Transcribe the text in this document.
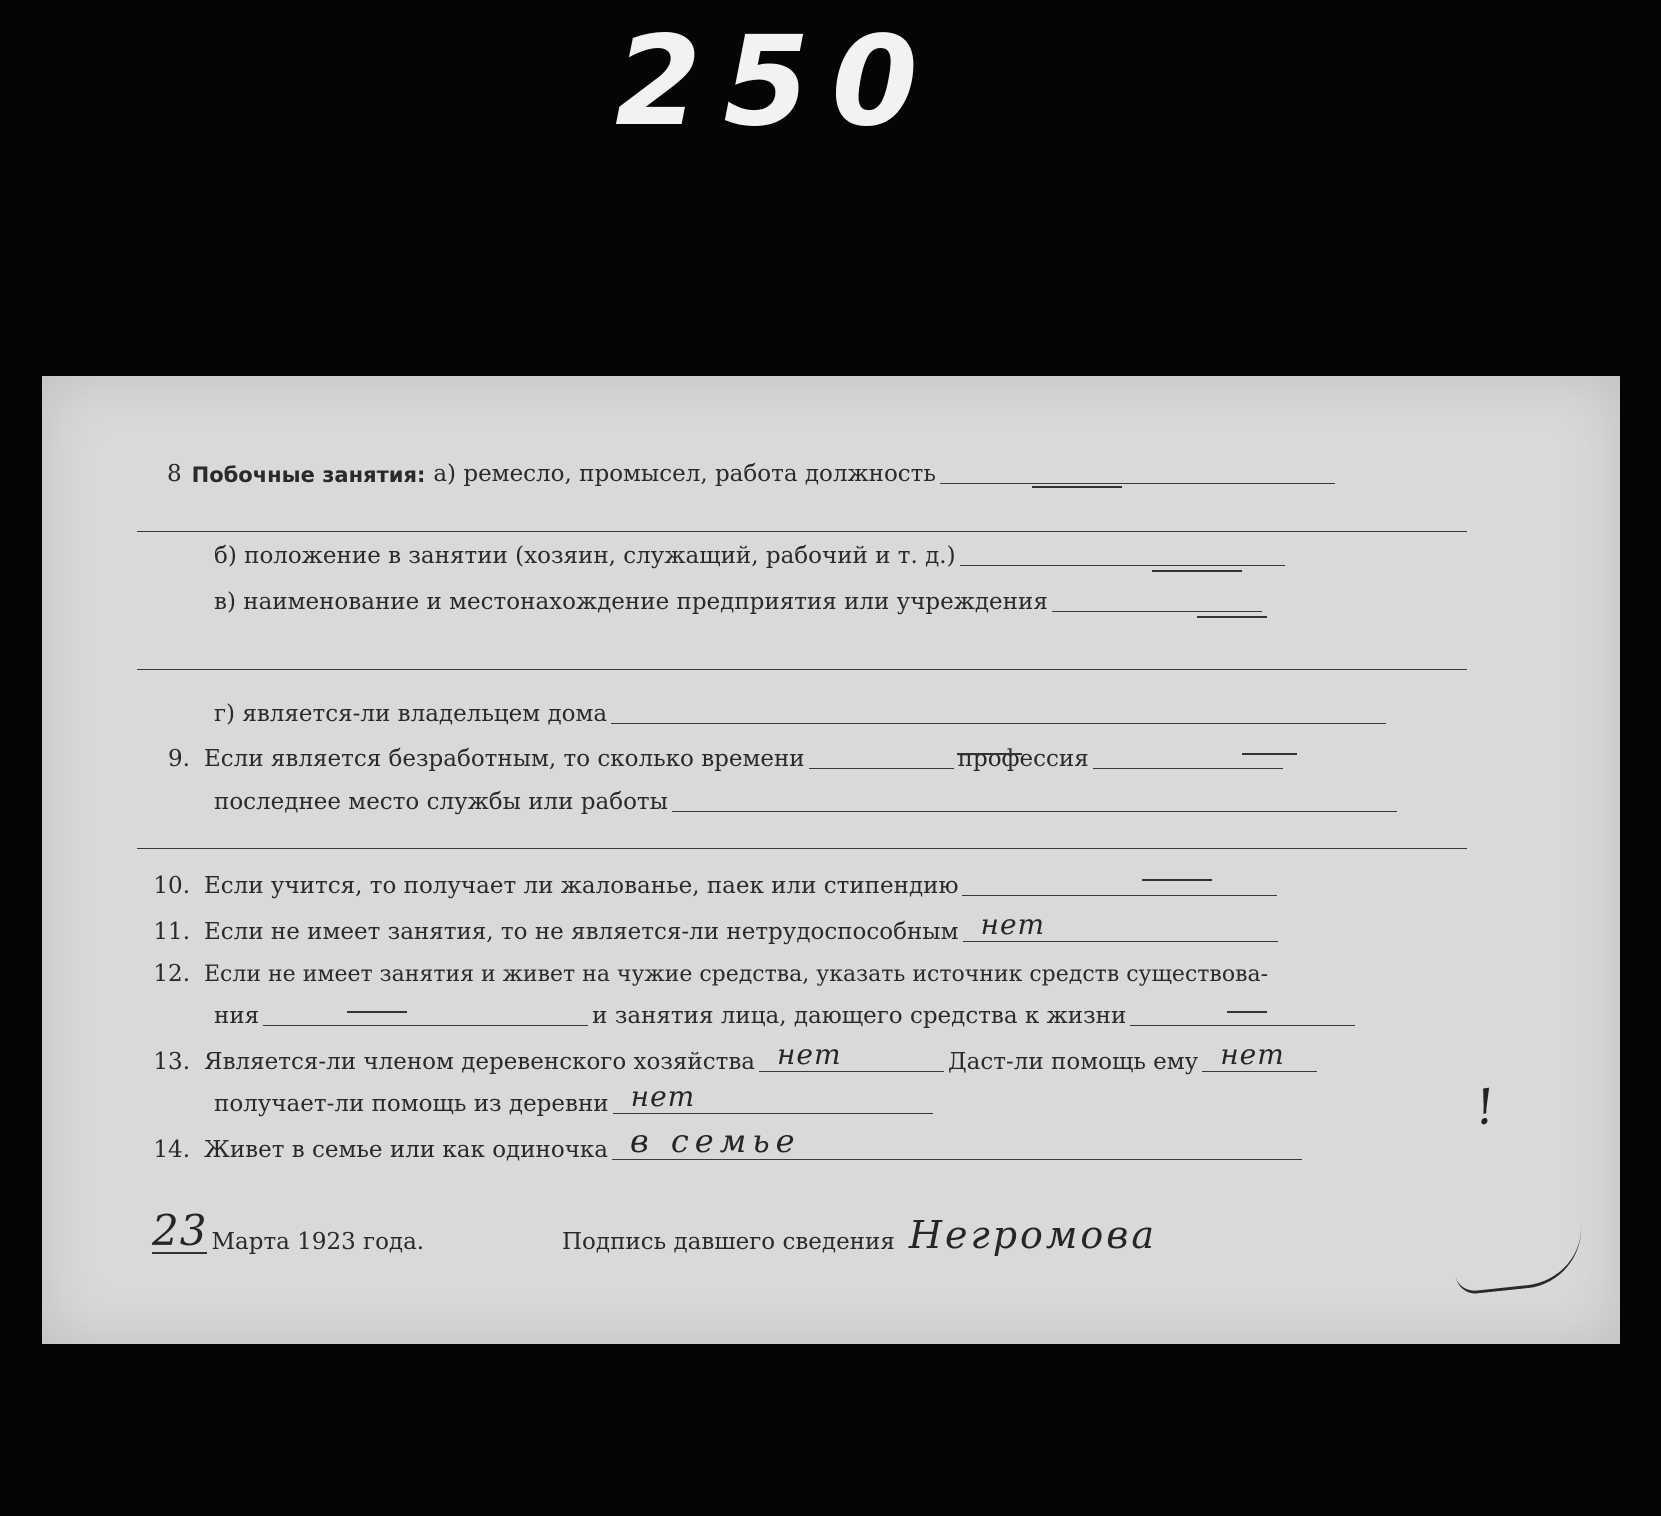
250
8 Побочные занятия: а) ремесло, промысел, работа должность
б) положение в занятии (хозяин, служащий, рабочий и т. д.)
в) наименование и местонахождение предприятия или учреждения
г) является-ли владельцем дома
9. Если является безработным, то сколько времени	профессия
последнее место службы или работы
10. Если учится, то получает ли жалованье, паек или стипендию
11. Если не имеет занятия, то не является-ли нетрудоспособным нет
12. Если не имеет занятия и живет на чужие средства, указать источник средств существова-
ния	и занятия лица, дающего средства к жизни
13. Является-ли членом деревенского хозяйства нет	Даст-ли помощь ему нет
получает-ли помощь из деревни нет
14. Живет в семье или как одиночка в семье
23 Марта 1923 года.	Подпись давшего сведения Негромова
!
